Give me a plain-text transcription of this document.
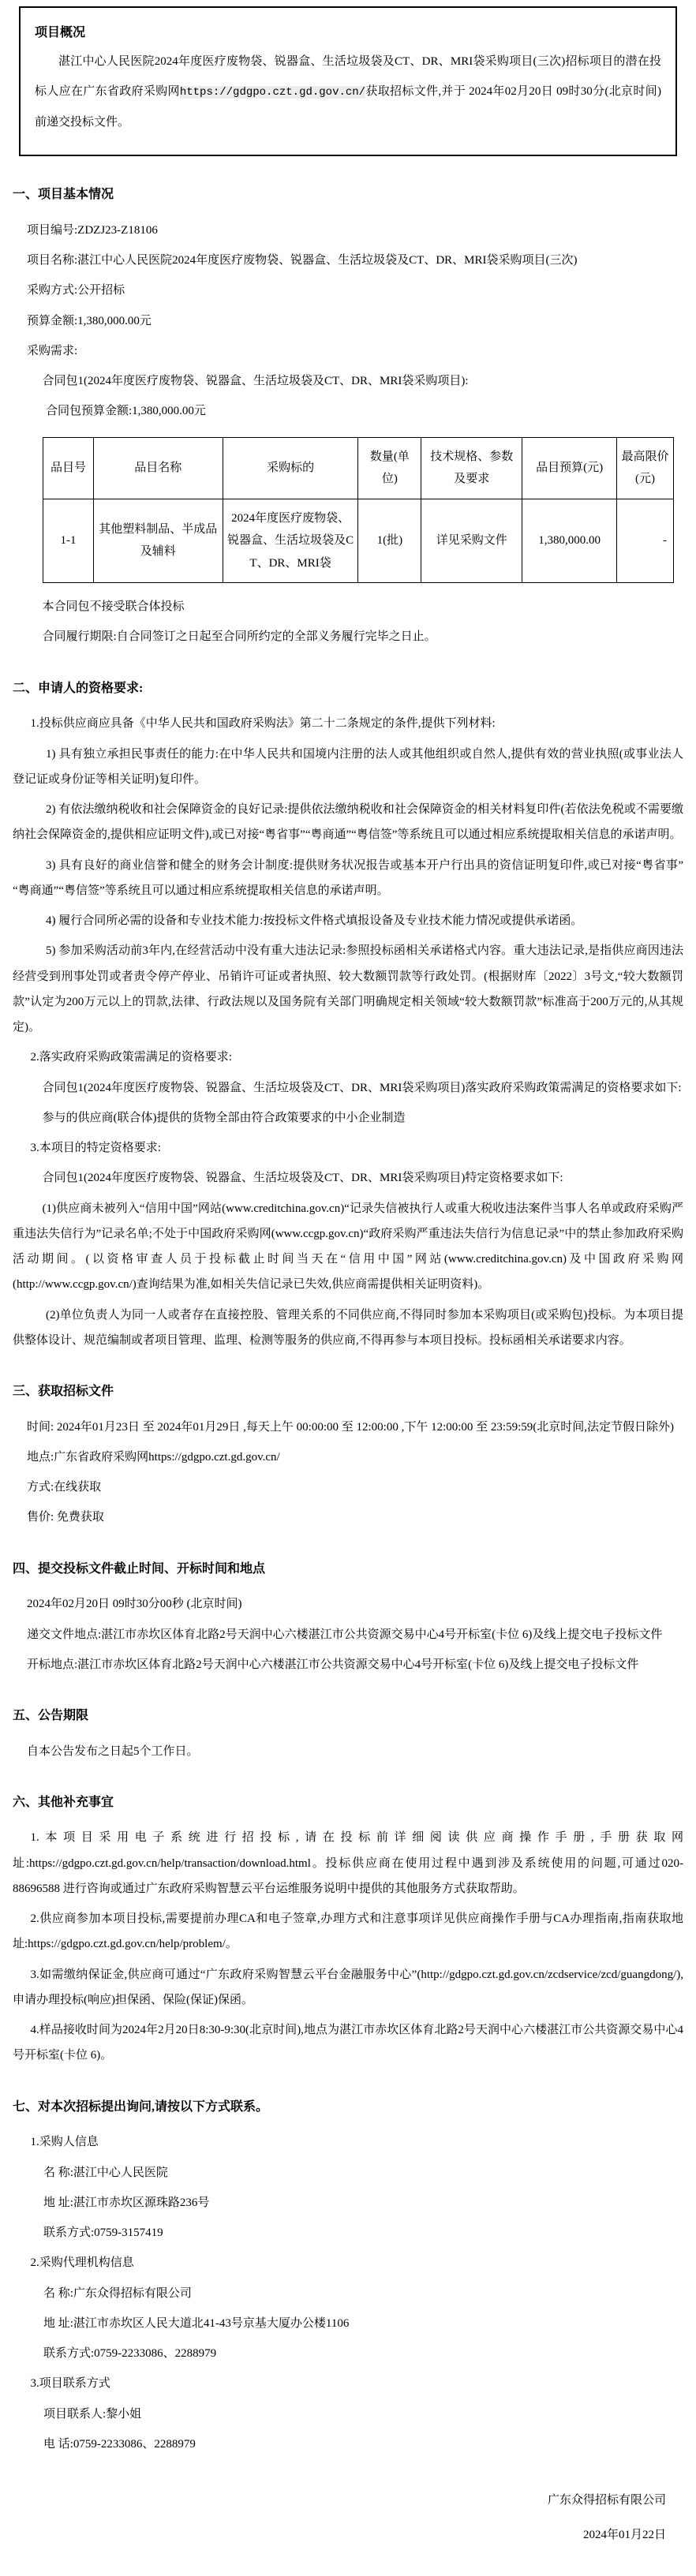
项目概况

湛江中心人民医院2024年度医疗废物袋、锐器盒、生活垃圾袋及CT、DR、MRI袋采购项目(三次)招标项目的潜在投标人应在广东省政府采购网https://gdgpo.czt.gd.gov.cn/获取招标文件,并于 2024年02月20日 09时30分(北京时间)前递交投标文件。

一、项目基本情况

项目编号:ZDZJ23-Z18106

项目名称:湛江中心人民医院2024年度医疗废物袋、锐器盒、生活垃圾袋及CT、DR、MRI袋采购项目(三次)

采购方式:公开招标

预算金额:1,380,000.00元

采购需求:

合同包1(2024年度医疗废物袋、锐器盒、生活垃圾袋及CT、DR、MRI袋采购项目):

合同包预算金额:1,380,000.00元

品目号	品目名称	采购标的	数量(单位)	技术规格、参数及要求	品目预算(元)	最高限价(元)
1-1	其他塑料制品、半成品及辅料	2024年度医疗废物袋、锐器盒、生活垃圾袋及CT、DR、MRI袋	1(批)	详见采购文件	1,380,000.00	-

本合同包不接受联合体投标

合同履行期限:自合同签订之日起至合同所约定的全部义务履行完毕之日止。

二、申请人的资格要求:

1.投标供应商应具备《中华人民共和国政府采购法》第二十二条规定的条件,提供下列材料:

1) 具有独立承担民事责任的能力:在中华人民共和国境内注册的法人或其他组织或自然人,提供有效的营业执照(或事业法人登记证或身份证等相关证明)复印件。

2) 有依法缴纳税收和社会保障资金的良好记录:提供依法缴纳税收和社会保障资金的相关材料复印件(若依法免税或不需要缴纳社会保障资金的,提供相应证明文件),或已对接“粤省事”“粤商通”“粤信签”等系统且可以通过相应系统提取相关信息的承诺声明。

3) 具有良好的商业信誉和健全的财务会计制度:提供财务状况报告或基本开户行出具的资信证明复印件,或已对接“粤省事”“粤商通”“粤信签”等系统且可以通过相应系统提取相关信息的承诺声明。

4) 履行合同所必需的设备和专业技术能力:按投标文件格式填报设备及专业技术能力情况或提供承诺函。

5) 参加采购活动前3年内,在经营活动中没有重大违法记录:参照投标函相关承诺格式内容。重大违法记录,是指供应商因违法经营受到刑事处罚或者责令停产停业、吊销许可证或者执照、较大数额罚款等行政处罚。(根据财库〔2022〕3号文,“较大数额罚款”认定为200万元以上的罚款,法律、行政法规以及国务院有关部门明确规定相关领域“较大数额罚款”标准高于200万元的,从其规定)。

2.落实政府采购政策需满足的资格要求:

合同包1(2024年度医疗废物袋、锐器盒、生活垃圾袋及CT、DR、MRI袋采购项目)落实政府采购政策需满足的资格要求如下:

参与的供应商(联合体)提供的货物全部由符合政策要求的中小企业制造

3.本项目的特定资格要求:

合同包1(2024年度医疗废物袋、锐器盒、生活垃圾袋及CT、DR、MRI袋采购项目)特定资格要求如下:

(1)供应商未被列入“信用中国”网站(www.creditchina.gov.cn)“记录失信被执行人或重大税收违法案件当事人名单或政府采购严重违法失信行为”记录名单;不处于中国政府采购网(www.ccgp.gov.cn)“政府采购严重违法失信行为信息记录”中的禁止参加政府采购活动期间。(以资格审查人员于投标截止时间当天在“信用中国”网站(www.creditchina.gov.cn)及中国政府采购网(http://www.ccgp.gov.cn/)查询结果为准,如相关失信记录已失效,供应商需提供相关证明资料)。

(2)单位负责人为同一人或者存在直接控股、管理关系的不同供应商,不得同时参加本采购项目(或采购包)投标。为本项目提供整体设计、规范编制或者项目管理、监理、检测等服务的供应商,不得再参与本项目投标。投标函相关承诺要求内容。

三、获取招标文件

时间: 2024年01月23日 至 2024年01月29日 ,每天上午 00:00:00 至 12:00:00 ,下午 12:00:00 至 23:59:59(北京时间,法定节假日除外)

地点:广东省政府采购网https://gdgpo.czt.gd.gov.cn/

方式:在线获取

售价: 免费获取

四、提交投标文件截止时间、开标时间和地点

2024年02月20日 09时30分00秒 (北京时间)

递交文件地点:湛江市赤坎区体育北路2号天润中心六楼湛江市公共资源交易中心4号开标室(卡位 6)及线上提交电子投标文件

开标地点:湛江市赤坎区体育北路2号天润中心六楼湛江市公共资源交易中心4号开标室(卡位 6)及线上提交电子投标文件

五、公告期限

自本公告发布之日起5个工作日。

六、其他补充事宜

1.本项目采用电子系统进行招投标,请在投标前详细阅读供应商操作手册,手册获取网址:https://gdgpo.czt.gd.gov.cn/help/transaction/download.html。投标供应商在使用过程中遇到涉及系统使用的问题,可通过020-88696588 进行咨询或通过广东政府采购智慧云平台运维服务说明中提供的其他服务方式获取帮助。

2.供应商参加本项目投标,需要提前办理CA和电子签章,办理方式和注意事项详见供应商操作手册与CA办理指南,指南获取地址:https://gdgpo.czt.gd.gov.cn/help/problem/。

3.如需缴纳保证金,供应商可通过“广东政府采购智慧云平台金融服务中心”(http://gdgpo.czt.gd.gov.cn/zcdservice/zcd/guangdong/),申请办理投标(响应)担保函、保险(保证)保函。

4.样品接收时间为2024年2月20日8:30-9:30(北京时间),地点为湛江市赤坎区体育北路2号天润中心六楼湛江市公共资源交易中心4号开标室(卡位 6)。

七、对本次招标提出询问,请按以下方式联系。

1.采购人信息

名 称:湛江中心人民医院

地 址:湛江市赤坎区源珠路236号

联系方式:0759-3157419

2.采购代理机构信息

名 称:广东众得招标有限公司

地 址:湛江市赤坎区人民大道北41-43号京基大厦办公楼1106

联系方式:0759-2233086、2288979

3.项目联系方式

项目联系人:黎小姐

电 话:0759-2233086、2288979

广东众得招标有限公司

2024年01月22日
